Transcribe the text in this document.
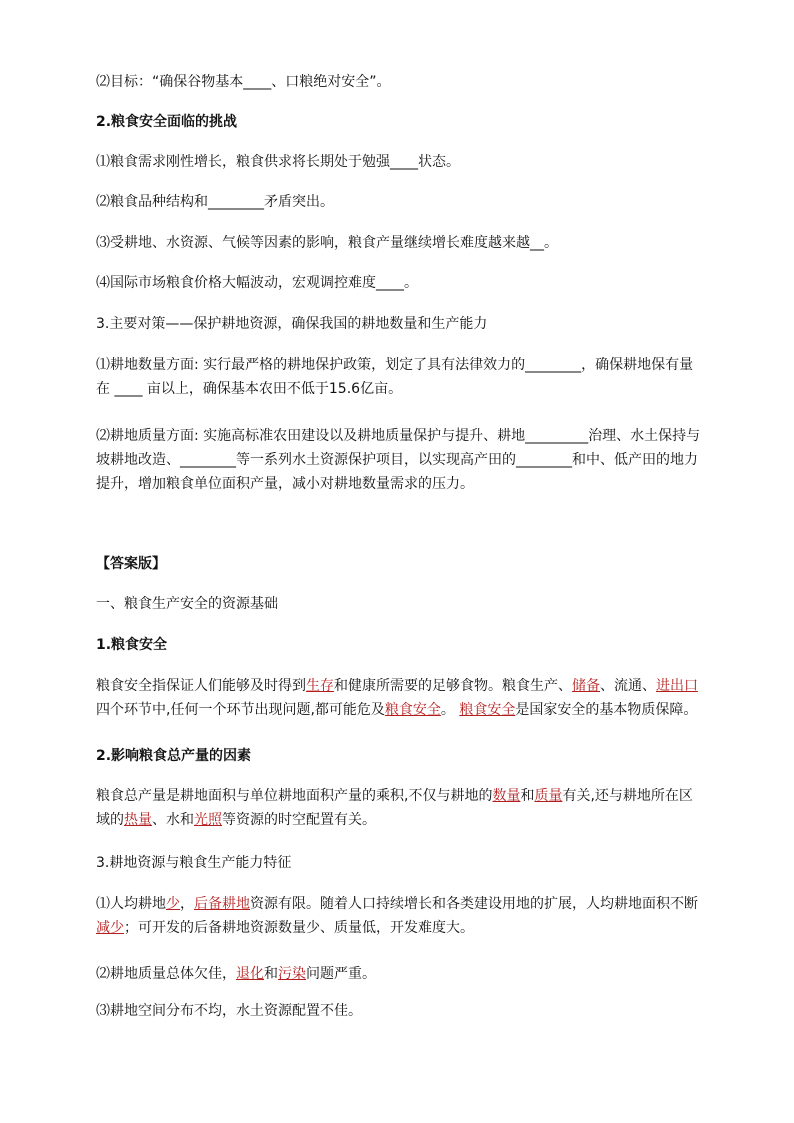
⑵目标：“确保谷物基本____、口粮绝对安全”。

2.粮食安全面临的挑战

⑴粮食需求刚性增长，粮食供求将长期处于勉强____状态。

⑵粮食品种结构和________矛盾突出。

⑶受耕地、水资源、气候等因素的影响，粮食产量继续增长难度越来越__。

⑷国际市场粮食价格大幅波动，宏观调控难度____。

3.主要对策——保护耕地资源，确保我国的耕地数量和生产能力

⑴耕地数量方面: 实行最严格的耕地保护政策，划定了具有法律效力的________，确保耕地保有量在 ____ 亩以上，确保基本农田不低于15.6亿亩。

⑵耕地质量方面: 实施高标准农田建设以及耕地质量保护与提升、耕地_________治理、水土保持与坡耕地改造、________等一系列水土资源保护项目，以实现高产田的________和中、低产田的地力提升，增加粮食单位面积产量，减小对耕地数量需求的压力。

【答案版】

一、粮食生产安全的资源基础

1.粮食安全

粮食安全指保证人们能够及时得到生存和健康所需要的足够食物。粮食生产、储备、流通、进出口四个环节中,任何一个环节出现问题,都可能危及粮食安全。 粮食安全是国家安全的基本物质保障。

2.影响粮食总产量的因素

粮食总产量是耕地面积与单位耕地面积产量的乘积,不仅与耕地的数量和质量有关,还与耕地所在区域的热量、水和光照等资源的时空配置有关。

3.耕地资源与粮食生产能力特征

⑴人均耕地少，后备耕地资源有限。随着人口持续增长和各类建设用地的扩展，人均耕地面积不断减少；可开发的后备耕地资源数量少、质量低，开发难度大。

⑵耕地质量总体欠佳，退化和污染问题严重。

⑶耕地空间分布不均，水土资源配置不佳。
